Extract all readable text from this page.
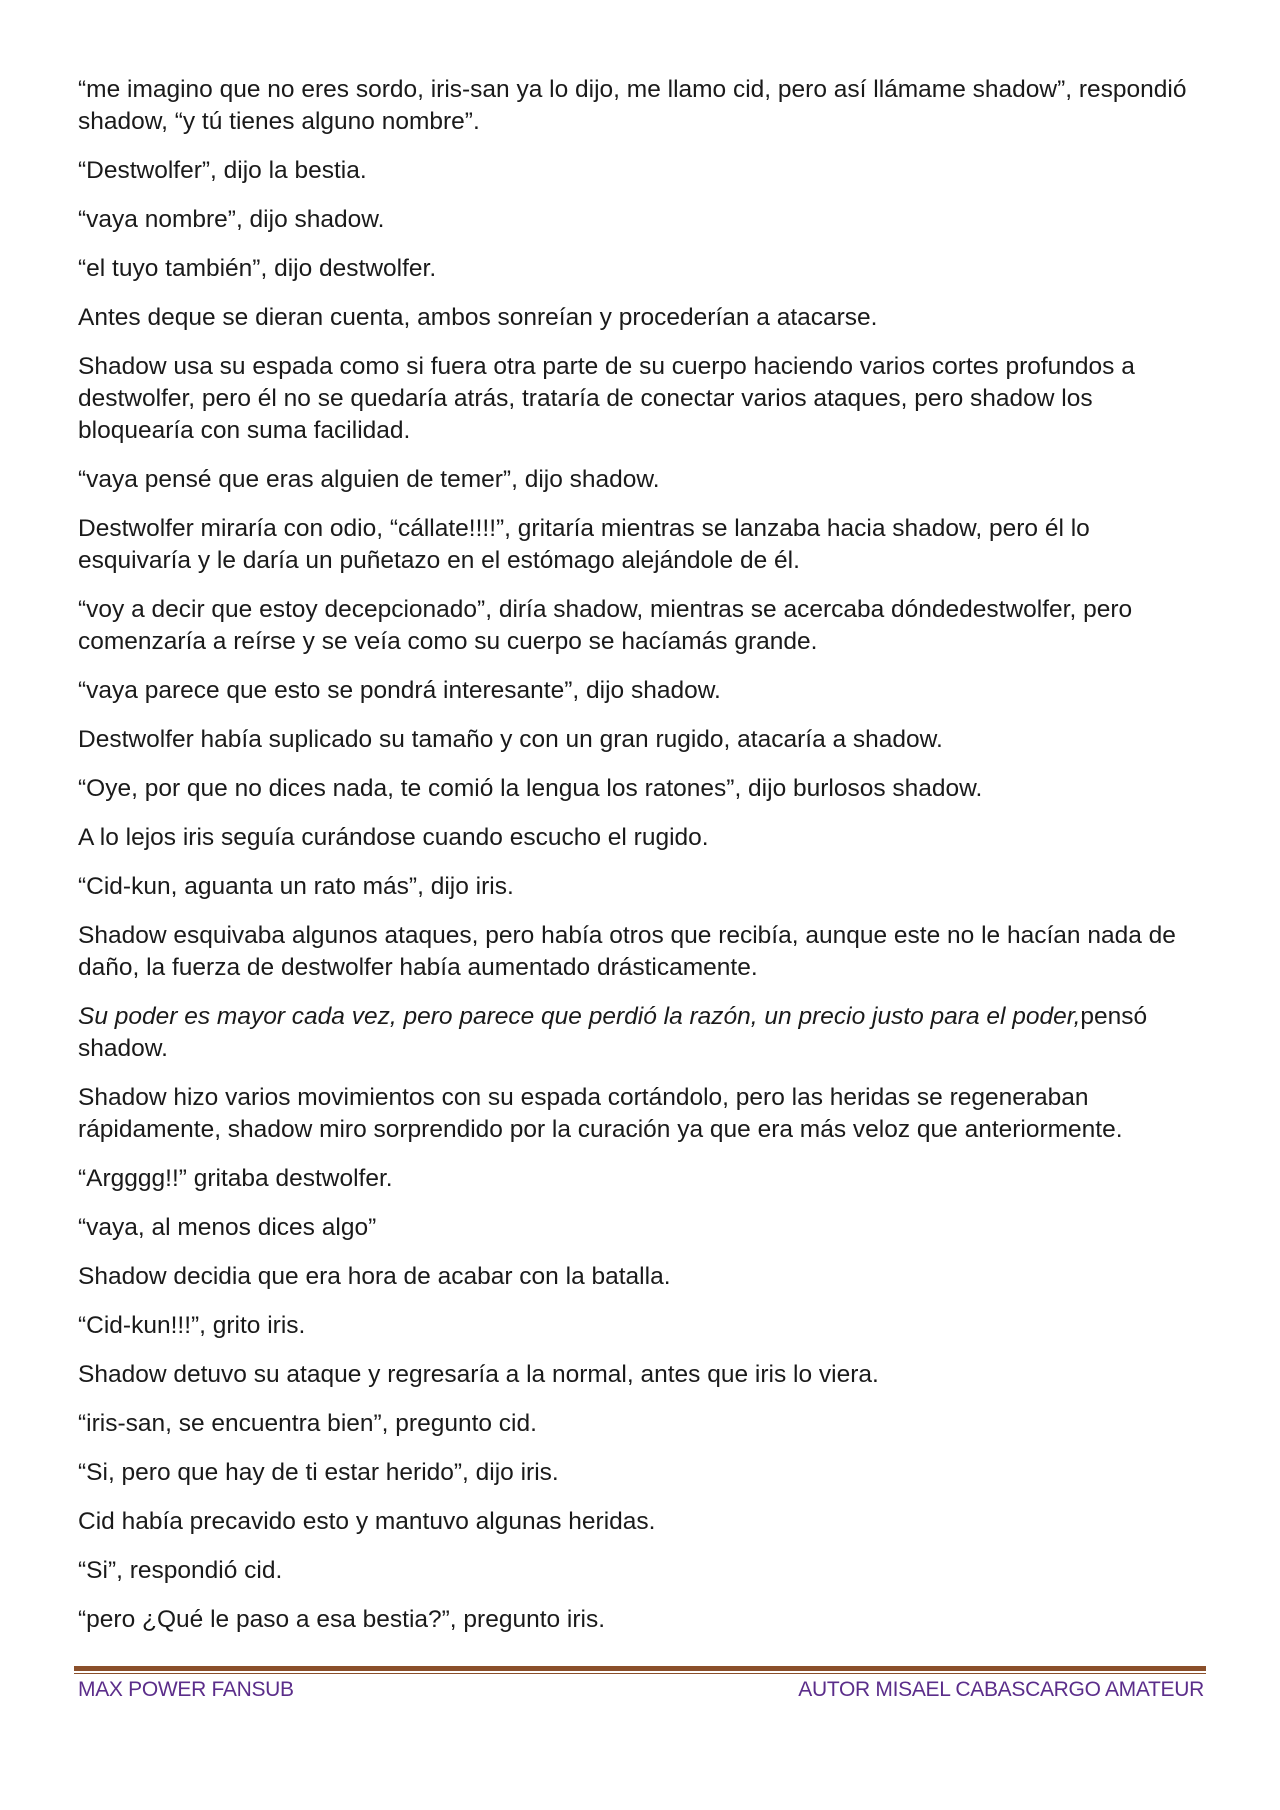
“me imagino que no eres sordo, iris-san ya lo dijo, me llamo cid, pero así llámame shadow”, respondió shadow, “y tú tienes alguno nombre”.

“Destwolfer”, dijo la bestia.

“vaya nombre”, dijo shadow.

“el tuyo también”, dijo destwolfer.

Antes deque se dieran cuenta, ambos sonreían y procederían a atacarse.

Shadow usa su espada como si fuera otra parte de su cuerpo haciendo varios cortes profundos a destwolfer, pero él no se quedaría atrás, trataría de conectar varios ataques, pero shadow los bloquearía con suma facilidad.

“vaya pensé que eras alguien de temer”, dijo shadow.

Destwolfer miraría con odio, “cállate!!!!”, gritaría mientras se lanzaba hacia shadow, pero él lo esquivaría y le daría un puñetazo en el estómago alejándole de él.

“voy a decir que estoy decepcionado”, diría shadow, mientras se acercaba dóndedestwolfer, pero comenzaría a reírse y se veía como su cuerpo se hacíamás grande.

“vaya parece que esto se pondrá interesante”, dijo shadow.

Destwolfer había suplicado su tamaño y con un gran rugido, atacaría a shadow.

“Oye, por que no dices nada, te comió la lengua los ratones”, dijo burlosos shadow.

A lo lejos iris seguía curándose cuando escucho el rugido.

“Cid-kun, aguanta un rato más”, dijo iris.

Shadow esquivaba algunos ataques, pero había otros que recibía, aunque este no le hacían nada de daño, la fuerza de destwolfer había aumentado drásticamente.

Su poder es mayor cada vez, pero parece que perdió la razón, un precio justo para el poder,pensó shadow.

Shadow hizo varios movimientos con su espada cortándolo, pero las heridas se regeneraban rápidamente, shadow miro sorprendido por la curación ya que era más veloz que anteriormente.

“Argggg!!” gritaba destwolfer.

“vaya, al menos dices algo”

Shadow decidia que era hora de acabar con la batalla.

“Cid-kun!!!”, grito iris.

Shadow detuvo su ataque y regresaría a la normal, antes que iris lo viera.

“iris-san, se encuentra bien”, pregunto cid.

“Si, pero que hay de ti estar herido”, dijo iris.

Cid había precavido esto y mantuvo algunas heridas.

“Si”, respondió cid.

“pero ¿Qué le paso a esa bestia?”, pregunto iris.

MAX POWER FANSUB	AUTOR MISAEL CABASCARGO AMATEUR
